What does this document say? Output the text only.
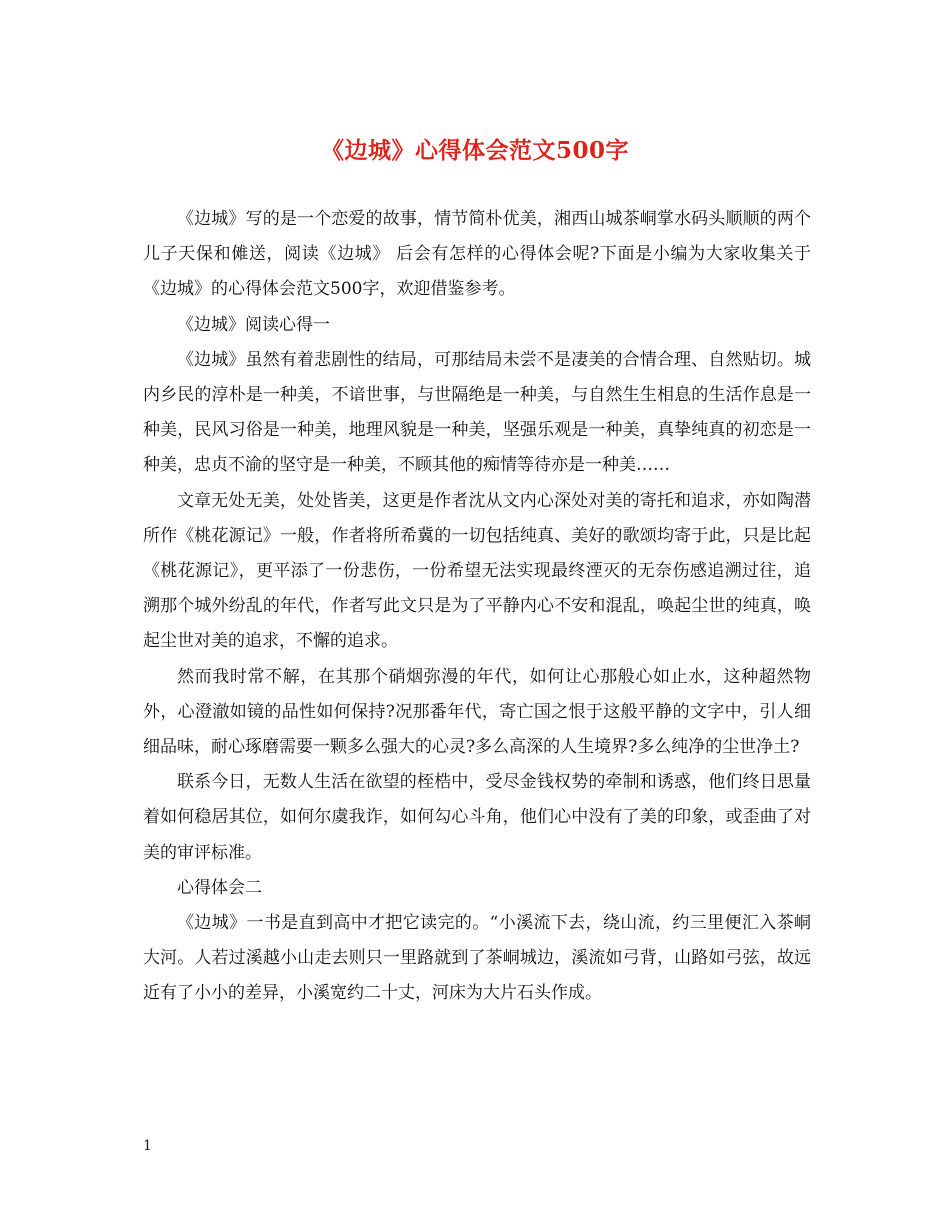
《边城》心得体会范文500字

《边城》写的是一个恋爱的故事，情节简朴优美，湘西山城茶峒掌水码头顺顺的两个儿子天保和傩送，阅读《边城》 后会有怎样的心得体会呢?下面是小编为大家收集关于《边城》的心得体会范文500字，欢迎借鉴参考。

《边城》阅读心得一

《边城》虽然有着悲剧性的结局，可那结局未尝不是凄美的合情合理、自然贴切。城内乡民的淳朴是一种美，不谙世事，与世隔绝是一种美，与自然生生相息的生活作息是一种美，民风习俗是一种美，地理风貌是一种美，坚强乐观是一种美，真挚纯真的初恋是一种美，忠贞不渝的坚守是一种美，不顾其他的痴情等待亦是一种美……

文章无处无美，处处皆美，这更是作者沈从文内心深处对美的寄托和追求，亦如陶潜所作《桃花源记》一般，作者将所希冀的一切包括纯真、美好的歌颂均寄于此，只是比起《桃花源记》，更平添了一份悲伤，一份希望无法实现最终湮灭的无奈伤感追溯过往，追溯那个城外纷乱的年代，作者写此文只是为了平静内心不安和混乱，唤起尘世的纯真，唤起尘世对美的追求，不懈的追求。

然而我时常不解，在其那个硝烟弥漫的年代，如何让心那般心如止水，这种超然物外，心澄澈如镜的品性如何保持?况那番年代，寄亡国之恨于这般平静的文字中，引人细细品味，耐心琢磨需要一颗多么强大的心灵?多么高深的人生境界?多么纯净的尘世净土?

联系今日，无数人生活在欲望的桎梏中，受尽金钱权势的牵制和诱惑，他们终日思量着如何稳居其位，如何尔虞我诈，如何勾心斗角，他们心中没有了美的印象，或歪曲了对美的审评标准。

心得体会二

《边城》一书是直到高中才把它读完的。“小溪流下去，绕山流，约三里便汇入茶峒大河。人若过溪越小山走去则只一里路就到了茶峒城边，溪流如弓背，山路如弓弦，故远近有了小小的差异，小溪宽约二十丈，河床为大片石头作成。

1
